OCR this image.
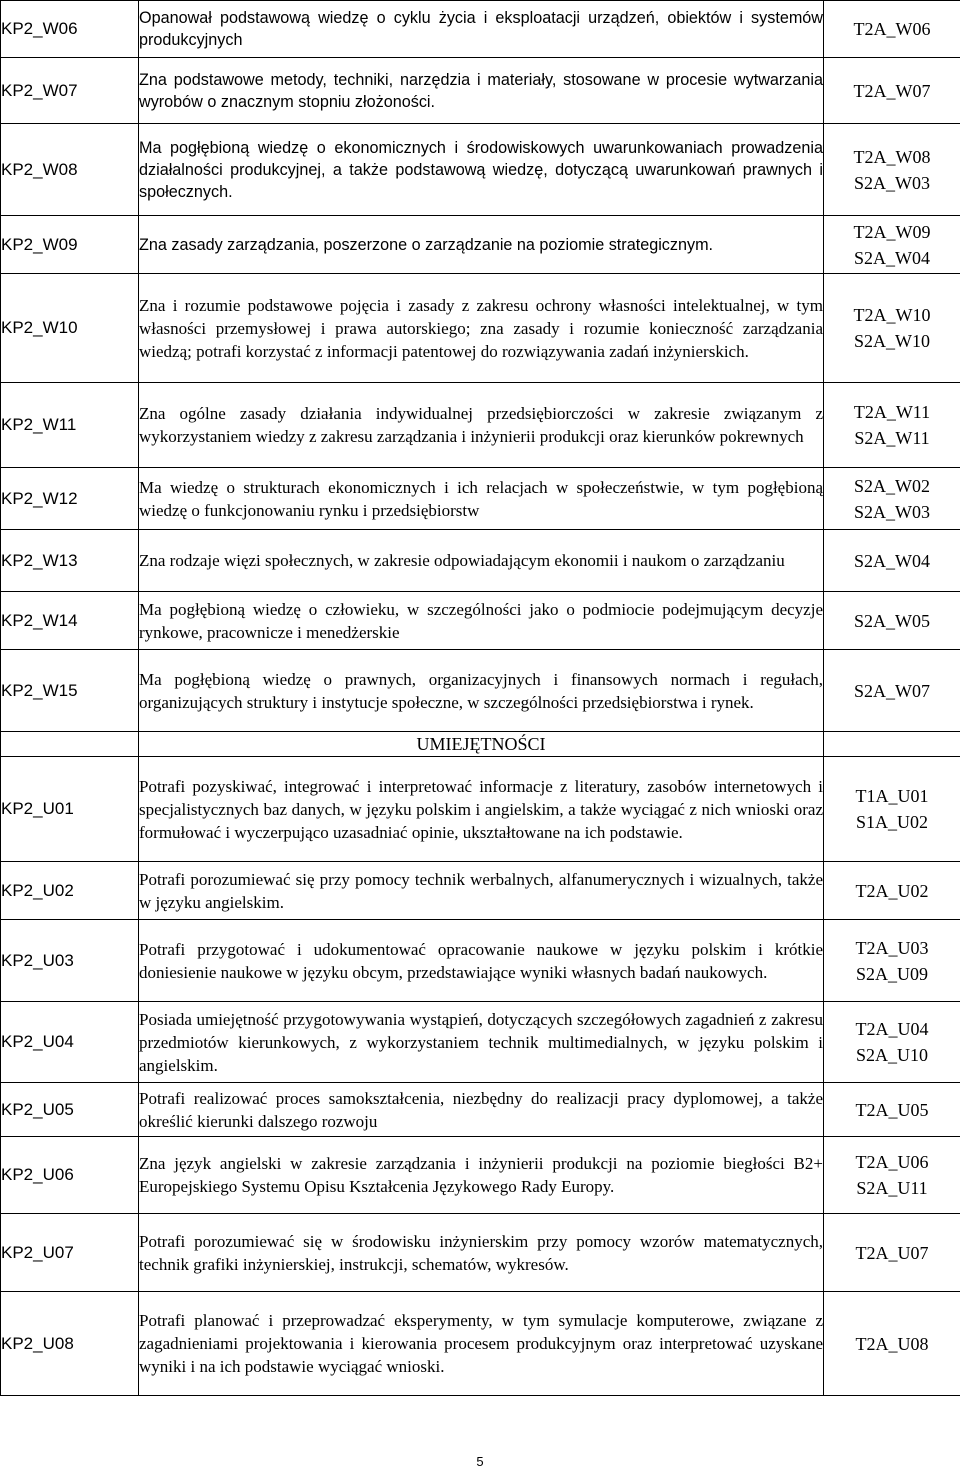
KP2_W06	Opanował podstawową wiedzę o cyklu życia i eksploatacji urządzeń, obiektów i systemów produkcyjnych	T2A_W06

KP2_W07	Zna podstawowe metody, techniki, narzędzia i materiały, stosowane w procesie wytwarzania wyrobów o znacznym stopniu złożoności.	T2A_W07

KP2_W08	Ma pogłębioną wiedzę o ekonomicznych i środowiskowych uwarunkowaniach prowadzenia działalności produkcyjnej, a także podstawową wiedzę, dotyczącą uwarunkowań prawnych i społecznych.	T2A_W08
S2A_W03

KP2_W09	Zna zasady zarządzania, poszerzone o zarządzanie na poziomie strategicznym.	T2A_W09
S2A_W04

KP2_W10	Zna i rozumie podstawowe pojęcia i zasady z zakresu ochrony własności intelektualnej, w tym własności przemysłowej i prawa autorskiego; zna zasady i rozumie konieczność zarządzania wiedzą; potrafi korzystać z informacji patentowej do rozwiązywania zadań inżynierskich.	T2A_W10
S2A_W10

KP2_W11	Zna ogólne zasady działania indywidualnej przedsiębiorczości w zakresie związanym z wykorzystaniem wiedzy z zakresu zarządzania i inżynierii produkcji oraz kierunków pokrewnych	T2A_W11
S2A_W11

KP2_W12	Ma wiedzę o strukturach ekonomicznych i ich relacjach w społeczeństwie, w tym pogłębioną wiedzę o funkcjonowaniu rynku i przedsiębiorstw	S2A_W02
S2A_W03

KP2_W13	Zna rodzaje więzi społecznych, w zakresie odpowiadającym ekonomii i naukom o zarządzaniu	S2A_W04

KP2_W14	Ma pogłębioną wiedzę o człowieku, w szczególności jako o podmiocie podejmującym decyzje rynkowe, pracownicze i menedżerskie	S2A_W05

KP2_W15	Ma pogłębioną wiedzę o prawnych, organizacyjnych i finansowych normach i regułach, organizujących struktury i instytucje społeczne, w szczególności przedsiębiorstwa i rynek.	S2A_W07

	UMIEJĘTNOŚCI	
KP2_U01	Potrafi pozyskiwać, integrować i interpretować informacje z literatury, zasobów internetowych i specjalistycznych baz danych, w języku polskim i angielskim, a także wyciągać z nich wnioski oraz formułować i wyczerpująco uzasadniać opinie, ukształtowane na ich podstawie.	T1A_U01
S1A_U02

KP2_U02	Potrafi porozumiewać się przy pomocy technik werbalnych, alfanumerycznych i wizualnych, także w języku angielskim.	T2A_U02

KP2_U03	Potrafi przygotować i udokumentować opracowanie naukowe w języku polskim i krótkie doniesienie naukowe w języku obcym, przedstawiające wyniki własnych badań naukowych.	T2A_U03
S2A_U09

KP2_U04	Posiada umiejętność przygotowywania wystąpień, dotyczących szczegółowych zagadnień z zakresu przedmiotów kierunkowych, z wykorzystaniem technik multimedialnych, w języku polskim i angielskim.	T2A_U04
S2A_U10

KP2_U05	Potrafi realizować proces samokształcenia, niezbędny do realizacji pracy dyplomowej, a także określić kierunki dalszego rozwoju	T2A_U05

KP2_U06	Zna język angielski w zakresie zarządzania i inżynierii produkcji na poziomie biegłości B2+ Europejskiego Systemu Opisu Kształcenia Językowego Rady Europy.	T2A_U06
S2A_U11

KP2_U07	Potrafi porozumiewać się w środowisku inżynierskim przy pomocy wzorów matematycznych, technik grafiki inżynierskiej, instrukcji, schematów, wykresów.	T2A_U07

KP2_U08	Potrafi planować i przeprowadzać eksperymenty, w tym symulacje komputerowe, związane z zagadnieniami projektowania i kierowania procesem produkcyjnym oraz interpretować uzyskane wyniki i na ich podstawie wyciągać wnioski.	T2A_U08
5
